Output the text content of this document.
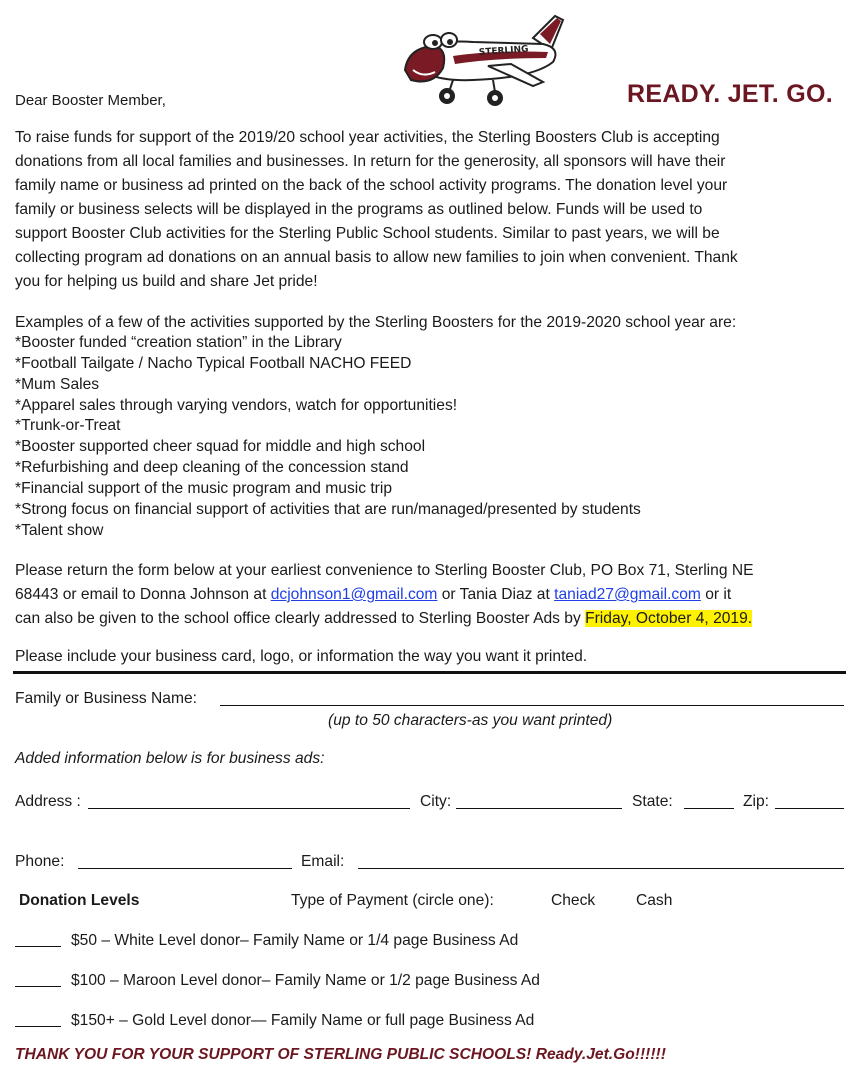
STERLING
Dear Booster Member,	READY. JET. GO.
To raise funds for support of the 2019/20 school year activities, the Sterling Boosters Club is accepting
donations from all local families and businesses. In return for the generosity, all sponsors will have their
family name or business ad printed on the back of the school activity programs. The donation level your
family or business selects will be displayed in the programs as outlined below. Funds will be used to
support Booster Club activities for the Sterling Public School students. Similar to past years, we will be
collecting program ad donations on an annual basis to allow new families to join when convenient. Thank
you for helping us build and share Jet pride!
Examples of a few of the activities supported by the Sterling Boosters for the 2019-2020 school year are:
*Booster funded “creation station” in the Library
*Football Tailgate / Nacho Typical Football NACHO FEED
*Mum Sales
*Apparel sales through varying vendors, watch for opportunities!
*Trunk-or-Treat
*Booster supported cheer squad for middle and high school
*Refurbishing and deep cleaning of the concession stand
*Financial support of the music program and music trip
*Strong focus on financial support of activities that are run/managed/presented by students
*Talent show
Please return the form below at your earliest convenience to Sterling Booster Club, PO Box 71, Sterling NE
68443 or email to Donna Johnson at dcjohnson1@gmail.com or Tania Diaz at taniad27@gmail.com or it
can also be given to the school office clearly addressed to Sterling Booster Ads by Friday, October 4, 2019.
Please include your business card, logo, or information the way you want it printed.
Family or Business Name:
(up to 50 characters-as you want printed)
Added information below is for business ads:
Address :	City:	State:	Zip:
Phone:	Email:
Donation Levels	Type of Payment (circle one):	Check	Cash
$50 – White Level donor– Family Name or 1/4 page Business Ad
$100 – Maroon Level donor– Family Name or 1/2 page Business Ad
$150+ – Gold Level donor— Family Name or full page Business Ad
THANK YOU FOR YOUR SUPPORT OF STERLING PUBLIC SCHOOLS! Ready.Jet.Go!!!!!!
